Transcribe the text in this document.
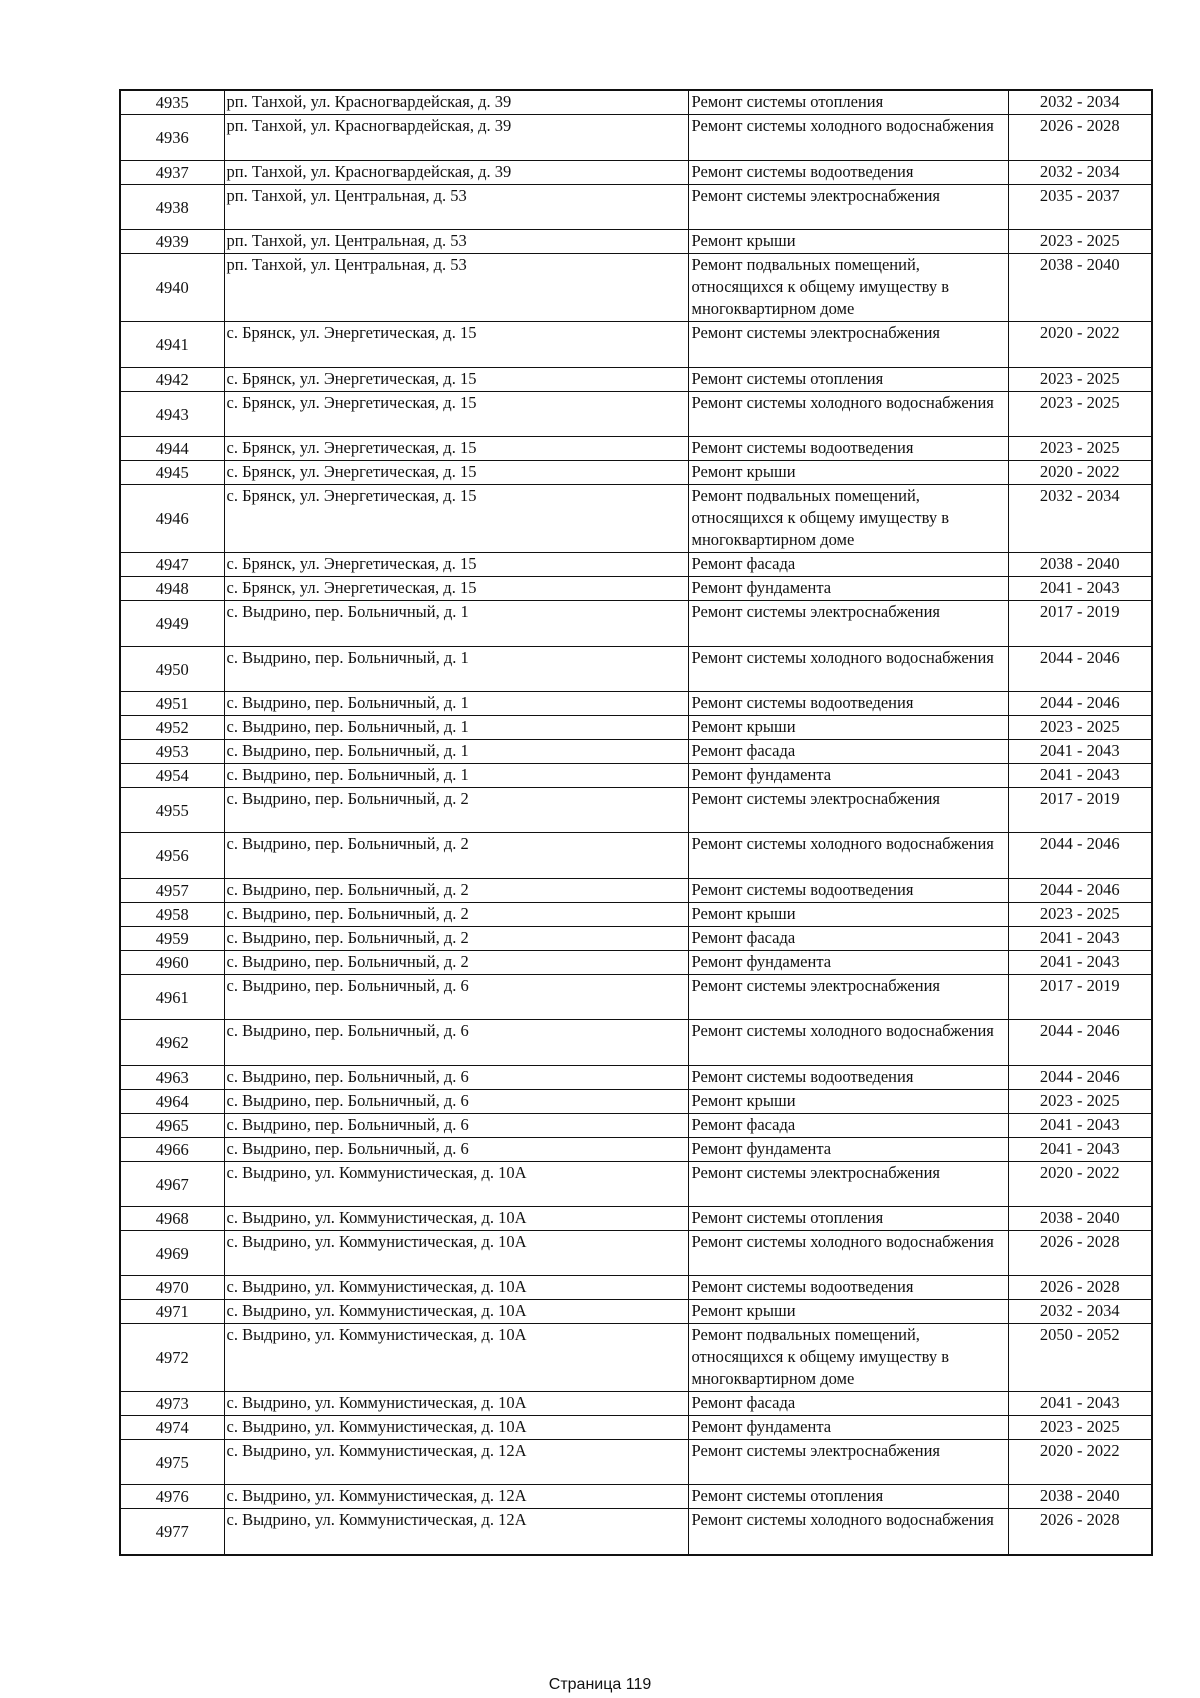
4935	рп. Танхой, ул. Красногвардейская, д. 39	Ремонт системы отопления	2032 - 2034
4936	рп. Танхой, ул. Красногвардейская, д. 39	Ремонт системы холодного водоснабжения	2026 - 2028
4937	рп. Танхой, ул. Красногвардейская, д. 39	Ремонт системы водоотведения	2032 - 2034
4938	рп. Танхой, ул. Центральная, д. 53	Ремонт системы электроснабжения	2035 - 2037
4939	рп. Танхой, ул. Центральная, д. 53	Ремонт крыши	2023 - 2025
4940	рп. Танхой, ул. Центральная, д. 53	Ремонт подвальных помещений, относящихся к общему имуществу в многоквартирном доме	2038 - 2040
4941	с. Брянск, ул. Энергетическая, д. 15	Ремонт системы электроснабжения	2020 - 2022
4942	с. Брянск, ул. Энергетическая, д. 15	Ремонт системы отопления	2023 - 2025
4943	с. Брянск, ул. Энергетическая, д. 15	Ремонт системы холодного водоснабжения	2023 - 2025
4944	с. Брянск, ул. Энергетическая, д. 15	Ремонт системы водоотведения	2023 - 2025
4945	с. Брянск, ул. Энергетическая, д. 15	Ремонт крыши	2020 - 2022
4946	с. Брянск, ул. Энергетическая, д. 15	Ремонт подвальных помещений, относящихся к общему имуществу в многоквартирном доме	2032 - 2034
4947	с. Брянск, ул. Энергетическая, д. 15	Ремонт фасада	2038 - 2040
4948	с. Брянск, ул. Энергетическая, д. 15	Ремонт фундамента	2041 - 2043
4949	с. Выдрино, пер. Больничный, д. 1	Ремонт системы электроснабжения	2017 - 2019
4950	с. Выдрино, пер. Больничный, д. 1	Ремонт системы холодного водоснабжения	2044 - 2046
4951	с. Выдрино, пер. Больничный, д. 1	Ремонт системы водоотведения	2044 - 2046
4952	с. Выдрино, пер. Больничный, д. 1	Ремонт крыши	2023 - 2025
4953	с. Выдрино, пер. Больничный, д. 1	Ремонт фасада	2041 - 2043
4954	с. Выдрино, пер. Больничный, д. 1	Ремонт фундамента	2041 - 2043
4955	с. Выдрино, пер. Больничный, д. 2	Ремонт системы электроснабжения	2017 - 2019
4956	с. Выдрино, пер. Больничный, д. 2	Ремонт системы холодного водоснабжения	2044 - 2046
4957	с. Выдрино, пер. Больничный, д. 2	Ремонт системы водоотведения	2044 - 2046
4958	с. Выдрино, пер. Больничный, д. 2	Ремонт крыши	2023 - 2025
4959	с. Выдрино, пер. Больничный, д. 2	Ремонт фасада	2041 - 2043
4960	с. Выдрино, пер. Больничный, д. 2	Ремонт фундамента	2041 - 2043
4961	с. Выдрино, пер. Больничный, д. 6	Ремонт системы электроснабжения	2017 - 2019
4962	с. Выдрино, пер. Больничный, д. 6	Ремонт системы холодного водоснабжения	2044 - 2046
4963	с. Выдрино, пер. Больничный, д. 6	Ремонт системы водоотведения	2044 - 2046
4964	с. Выдрино, пер. Больничный, д. 6	Ремонт крыши	2023 - 2025
4965	с. Выдрино, пер. Больничный, д. 6	Ремонт фасада	2041 - 2043
4966	с. Выдрино, пер. Больничный, д. 6	Ремонт фундамента	2041 - 2043
4967	с. Выдрино, ул. Коммунистическая, д. 10А	Ремонт системы электроснабжения	2020 - 2022
4968	с. Выдрино, ул. Коммунистическая, д. 10А	Ремонт системы отопления	2038 - 2040
4969	с. Выдрино, ул. Коммунистическая, д. 10А	Ремонт системы холодного водоснабжения	2026 - 2028
4970	с. Выдрино, ул. Коммунистическая, д. 10А	Ремонт системы водоотведения	2026 - 2028
4971	с. Выдрино, ул. Коммунистическая, д. 10А	Ремонт крыши	2032 - 2034
4972	с. Выдрино, ул. Коммунистическая, д. 10А	Ремонт подвальных помещений, относящихся к общему имуществу в многоквартирном доме	2050 - 2052
4973	с. Выдрино, ул. Коммунистическая, д. 10А	Ремонт фасада	2041 - 2043
4974	с. Выдрино, ул. Коммунистическая, д. 10А	Ремонт фундамента	2023 - 2025
4975	с. Выдрино, ул. Коммунистическая, д. 12А	Ремонт системы электроснабжения	2020 - 2022
4976	с. Выдрино, ул. Коммунистическая, д. 12А	Ремонт системы отопления	2038 - 2040
4977	с. Выдрино, ул. Коммунистическая, д. 12А	Ремонт системы холодного водоснабжения	2026 - 2028
Страница 119
